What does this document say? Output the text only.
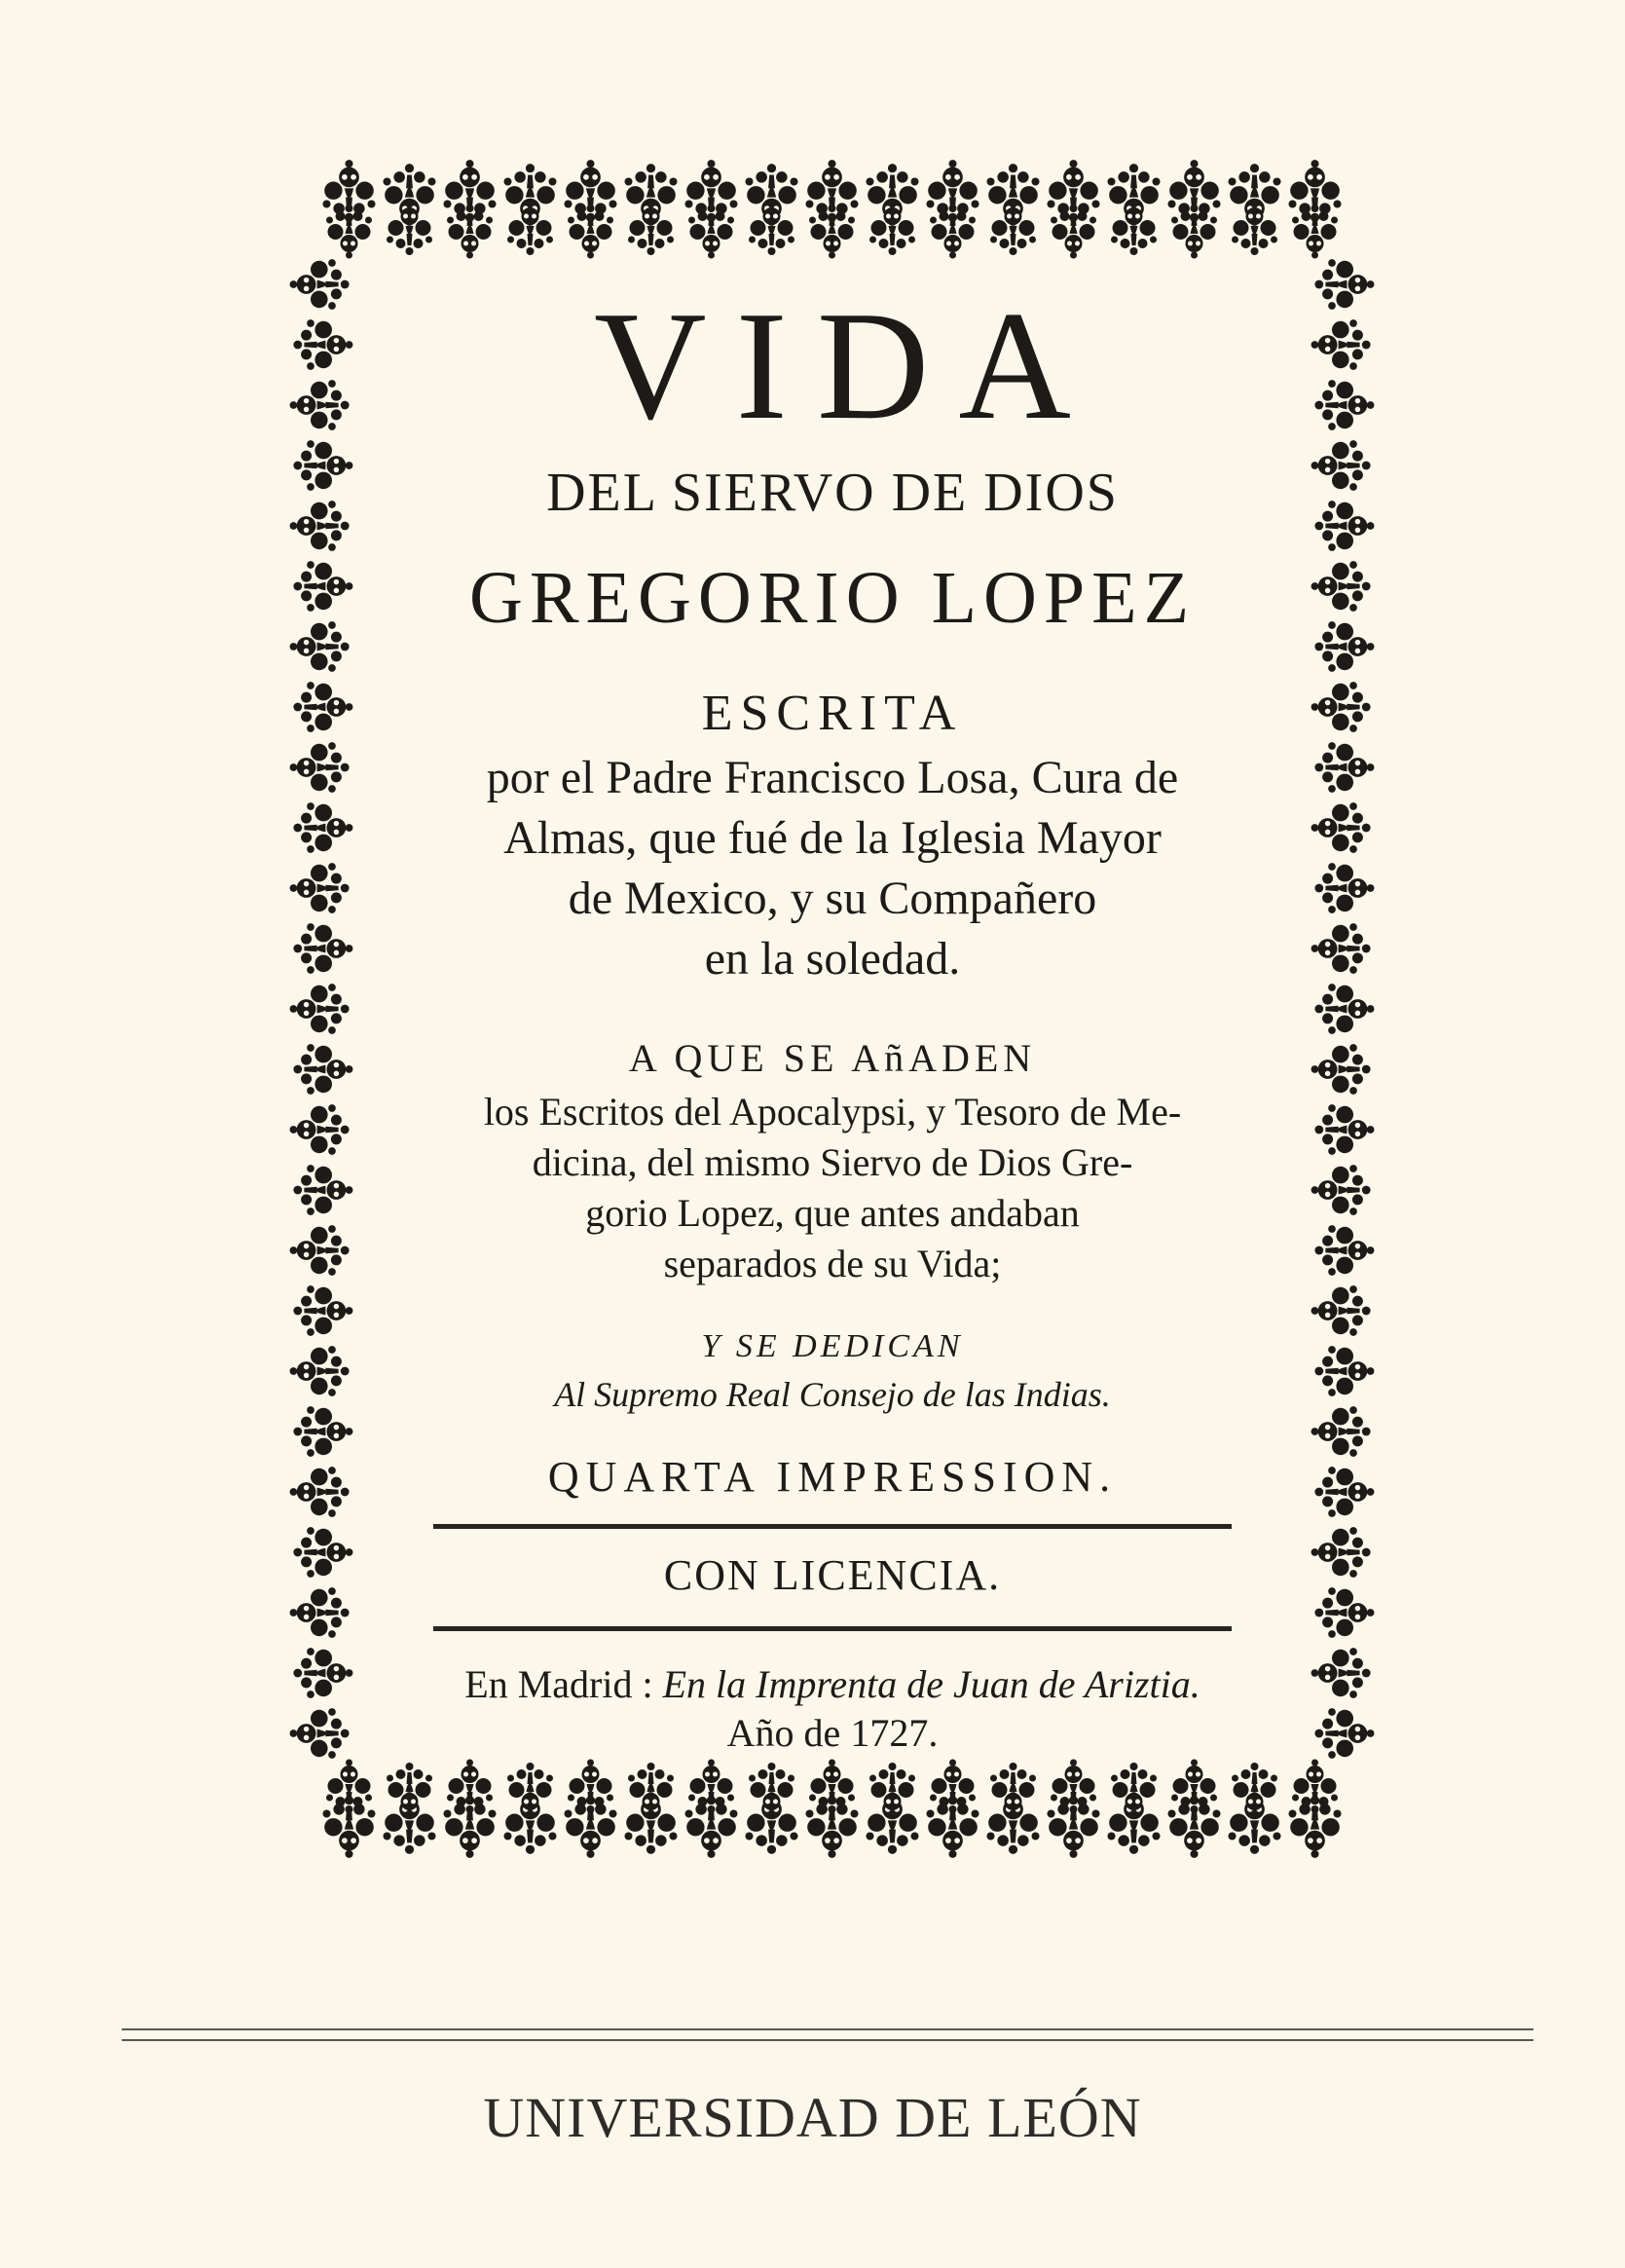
VIDA
DEL SIERVO DE DIOS
GREGORIO LOPEZ
ESCRITA
por el Padre Francisco Losa, Cura de
Almas, que fué de la Iglesia Mayor
de Mexico, y su Compañero
en la soledad.
A QUE SE AñADEN
los Escritos del Apocalypsi, y Tesoro de Me-
dicina, del mismo Siervo de Dios Gre-
gorio Lopez, que antes andaban
separados de su Vida;
Y SE DEDICAN
Al Supremo Real Consejo de las Indias.
QUARTA IMPRESSION.
CON LICENCIA.
En Madrid : En la Imprenta de Juan de Ariztia.
Año de 1727.
UNIVERSIDAD DE LEÓN
